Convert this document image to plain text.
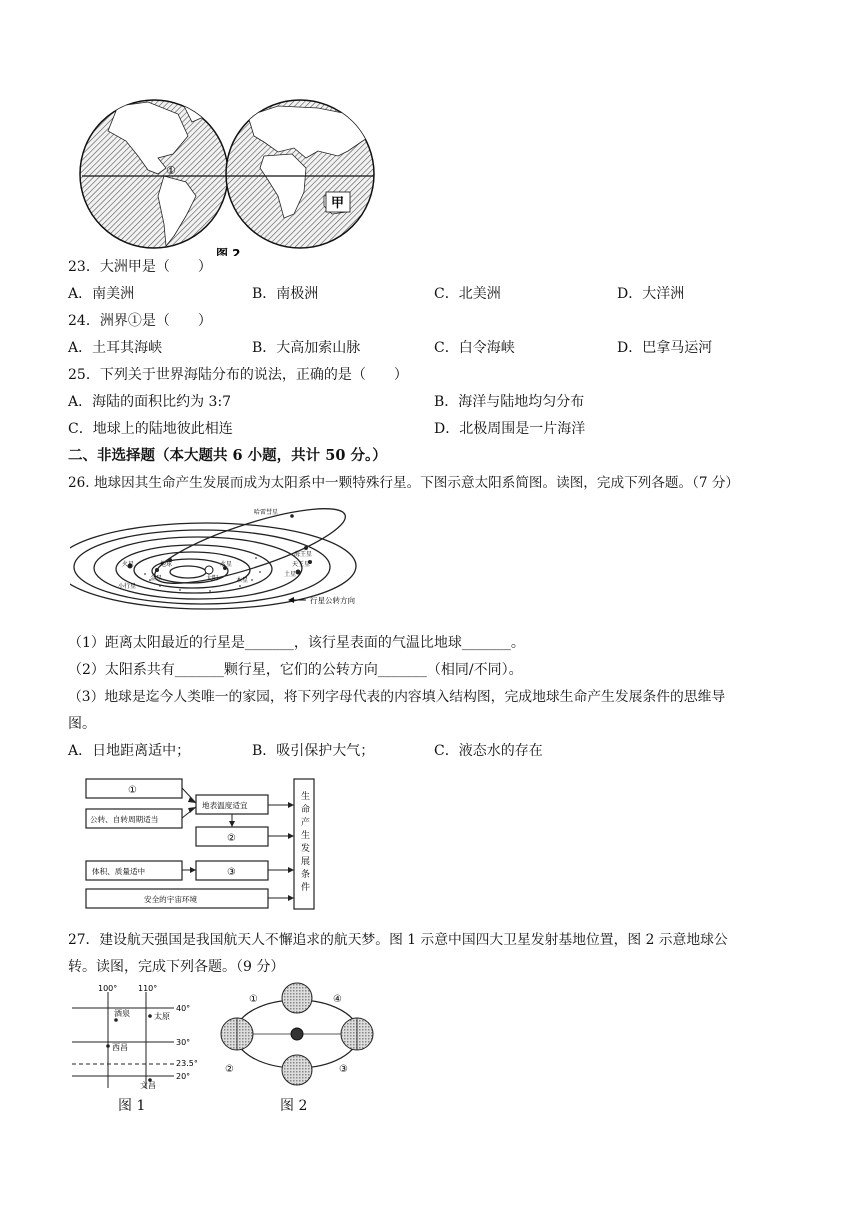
①
甲
图 2
23．大洲甲是（　　）
A．南美洲	B．南极洲	C．北美洲	D．大洋洲
24．洲界①是（　　）
A．土耳其海峡	B．大高加索山脉	C．白令海峡	D．巴拿马运河
25．下列关于世界海陆分布的说法，正确的是（　　）
A．海陆的面积比约为 3:7	B．海洋与陆地均匀分布
C．地球上的陆地彼此相连	D．北极周围是一片海洋
二、非选择题（本大题共 6 小题，共计 50 分。）
26. 地球因其生命产生发展而成为太阳系中一颗特殊行星。下图示意太阳系简图。读图，完成下列各题。（7 分）
哈雷彗星
水星
金星
地球
火星
木星
土星
天王星
海王星
太阳
小行星
行星公转方向
（1）距离太阳最近的行星是_______，该行星表面的气温比地球_______。
（2）太阳系共有_______颗行星，它们的公转方向_______（相同/不同）。
（3）地球是迄今人类唯一的家园，将下列字母代表的内容填入结构图，完成地球生命产生发展条件的思维导
图。
A．日地距离适中；	B．吸引保护大气；	C．液态水的存在
①
公转、自转周期适当
地表温度适宜
②
体积、质量适中	③
安全的宇宙环境
生命产生发展条件
27．建设航天强国是我国航天人不懈追求的航天梦。图 1 示意中国四大卫星发射基地位置，图 2 示意地球公
转。读图，完成下列各题。（9 分）
100°	110°
40°
30°
23.5°
20°
酒泉	太原
西昌
文昌
①
②	③
④
图 1	图 2
